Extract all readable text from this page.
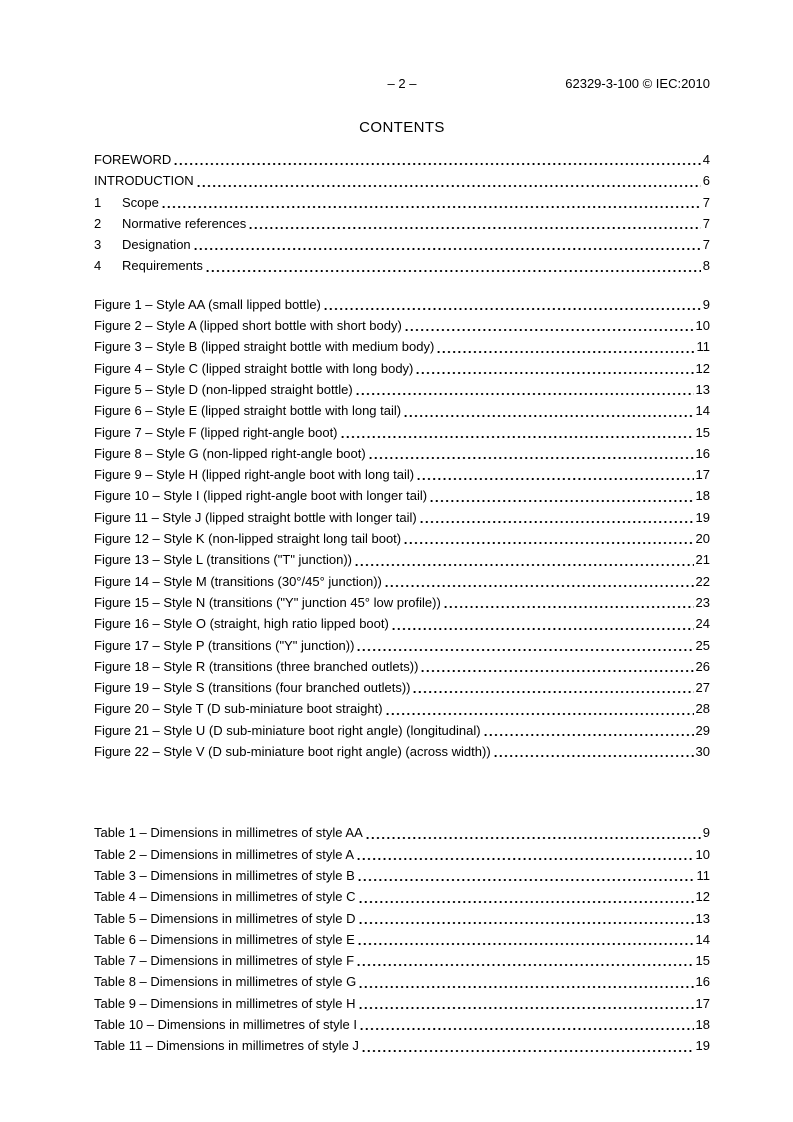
– 2 –	62329-3-100 © IEC:2010
CONTENTS
FOREWORD	4
INTRODUCTION	6
1	Scope	7
2	Normative references	7
3	Designation	7
4	Requirements	8
Figure 1 – Style AA (small lipped bottle)	9
Figure 2 – Style A (lipped short bottle with short body)	10
Figure 3 – Style B (lipped straight bottle with medium body)	11
Figure 4 – Style C (lipped straight bottle with long body)	12
Figure 5 – Style D (non-lipped straight bottle)	13
Figure 6 – Style E (lipped straight bottle with long tail)	14
Figure 7 – Style F (lipped right-angle boot)	15
Figure 8 – Style G (non-lipped right-angle boot)	16
Figure 9 – Style H (lipped right-angle boot with long tail)	17
Figure 10 – Style I (lipped right-angle boot with longer tail)	18
Figure 11 – Style J (lipped straight bottle with longer tail)	19
Figure 12 – Style K (non-lipped straight long tail boot)	20
Figure 13 – Style L (transitions ("T" junction))	21
Figure 14 – Style M (transitions (30°/45° junction))	22
Figure 15 – Style N (transitions ("Y" junction 45° low profile))	23
Figure 16 – Style O (straight, high ratio lipped boot)	24
Figure 17 – Style P (transitions ("Y" junction))	25
Figure 18 – Style R (transitions (three branched outlets))	26
Figure 19 – Style S (transitions (four branched outlets))	27
Figure 20 – Style T (D sub-miniature boot straight)	28
Figure 21 – Style U (D sub-miniature boot right angle) (longitudinal)	29
Figure 22 – Style V (D sub-miniature boot right angle) (across width))	30
Table 1 – Dimensions in millimetres of style AA	9
Table 2 – Dimensions in millimetres of style A	10
Table 3 – Dimensions in millimetres of style B	11
Table 4 – Dimensions in millimetres of style C	12
Table 5 – Dimensions in millimetres of style D	13
Table 6 – Dimensions in millimetres of style E	14
Table 7 – Dimensions in millimetres of style F	15
Table 8 – Dimensions in millimetres of style G	16
Table 9 – Dimensions in millimetres of style H	17
Table 10 – Dimensions in millimetres of style I	18
Table 11 – Dimensions in millimetres of style J	19
